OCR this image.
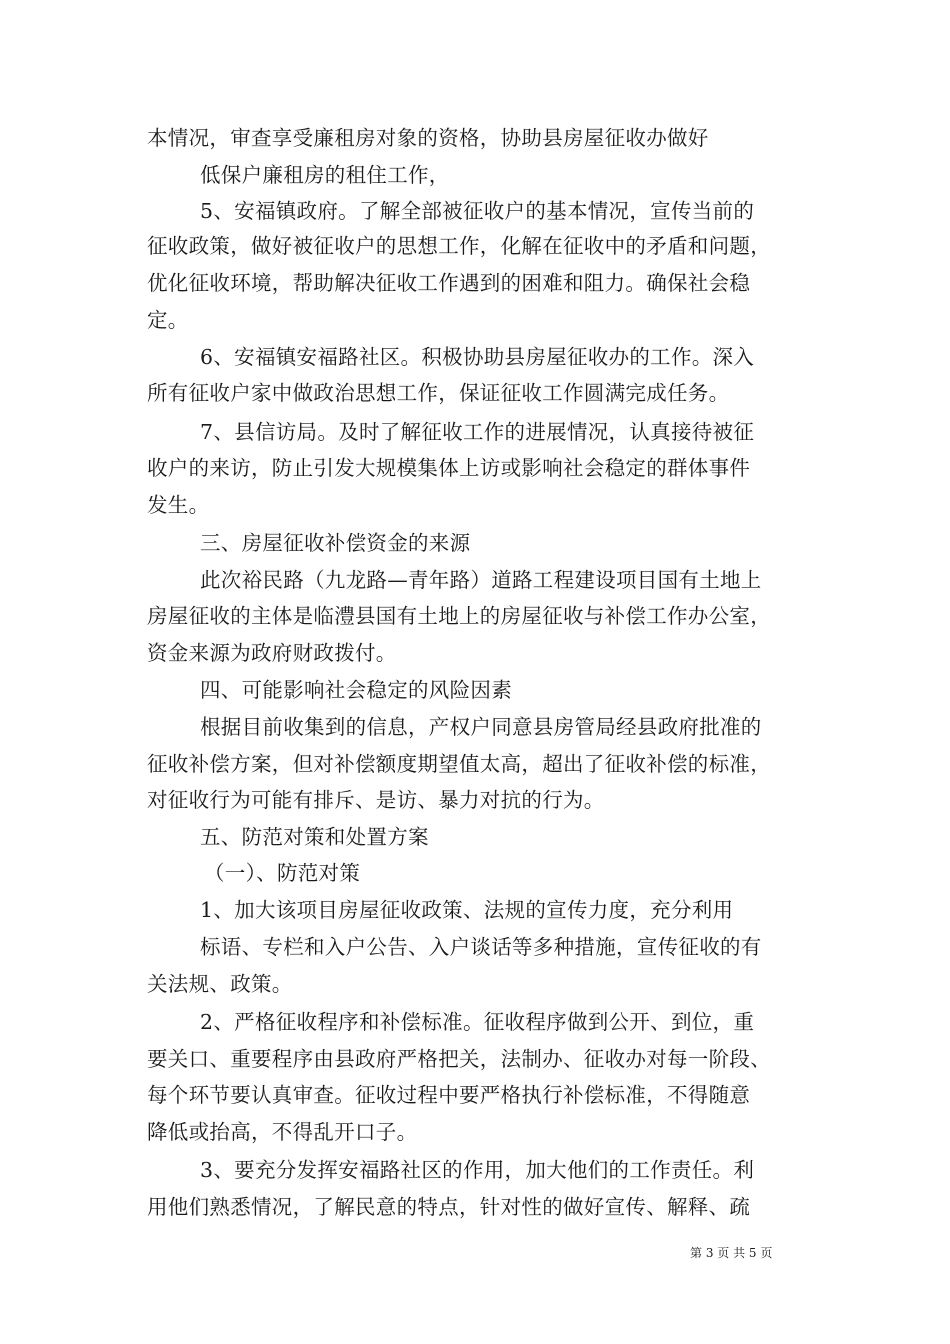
本情况，审查享受廉租房对象的资格，协助县房屋征收办做好
低保户廉租房的租住工作，
5、安福镇政府。了解全部被征收户的基本情况，宣传当前的
征收政策，做好被征收户的思想工作，化解在征收中的矛盾和问题，
优化征收环境，帮助解决征收工作遇到的困难和阻力。确保社会稳
定。
6、安福镇安福路社区。积极协助县房屋征收办的工作。深入
所有征收户家中做政治思想工作，保证征收工作圆满完成任务。
7、县信访局。及时了解征收工作的进展情况，认真接待被征
收户的来访，防止引发大规模集体上访或影响社会稳定的群体事件
发生。
三、房屋征收补偿资金的来源
此次裕民路（九龙路—青年路）道路工程建设项目国有土地上
房屋征收的主体是临澧县国有土地上的房屋征收与补偿工作办公室，
资金来源为政府财政拨付。
四、可能影响社会稳定的风险因素
根据目前收集到的信息，产权户同意县房管局经县政府批准的
征收补偿方案，但对补偿额度期望值太高，超出了征收补偿的标准，
对征收行为可能有排斥、是访、暴力对抗的行为。
五、防范对策和处置方案
（一）、防范对策
1、加大该项目房屋征收政策、法规的宣传力度，充分利用
标语、专栏和入户公告、入户谈话等多种措施，宣传征收的有
关法规、政策。
2、严格征收程序和补偿标准。征收程序做到公开、到位，重
要关口、重要程序由县政府严格把关，法制办、征收办对每一阶段、
每个环节要认真审查。征收过程中要严格执行补偿标准，不得随意
降低或抬高，不得乱开口子。
3、要充分发挥安福路社区的作用，加大他们的工作责任。利
用他们熟悉情况，了解民意的特点，针对性的做好宣传、解释、疏
第 3 页 共 5 页
